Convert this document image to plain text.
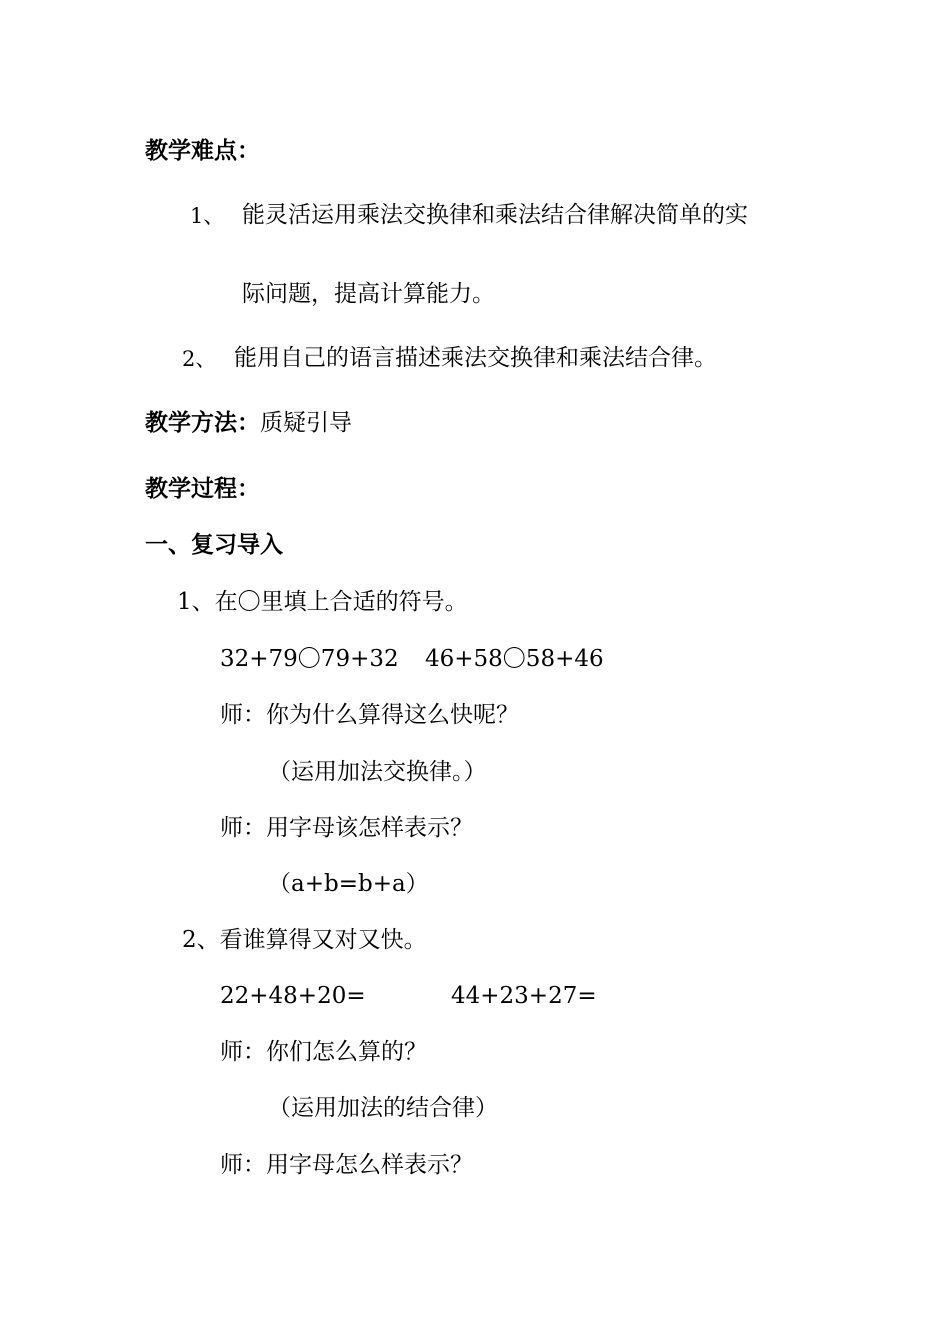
教学难点：
1、 能灵活运用乘法交换律和乘法结合律解决简单的实
际问题，提高计算能力。
2、 能用自己的语言描述乘法交换律和乘法结合律。
教学方法：质疑引导
教学过程：
一、复习导入
1、在〇里填上合适的符号。
32+79〇79+32 46+58〇58+46
师：你为什么算得这么快呢？
（运用加法交换律。）
师：用字母该怎样表示？
（a+b=b+a）
2、看谁算得又对又快。
22+48+20=	44+23+27=
师：你们怎么算的？
（运用加法的结合律）
师：用字母怎么样表示？
